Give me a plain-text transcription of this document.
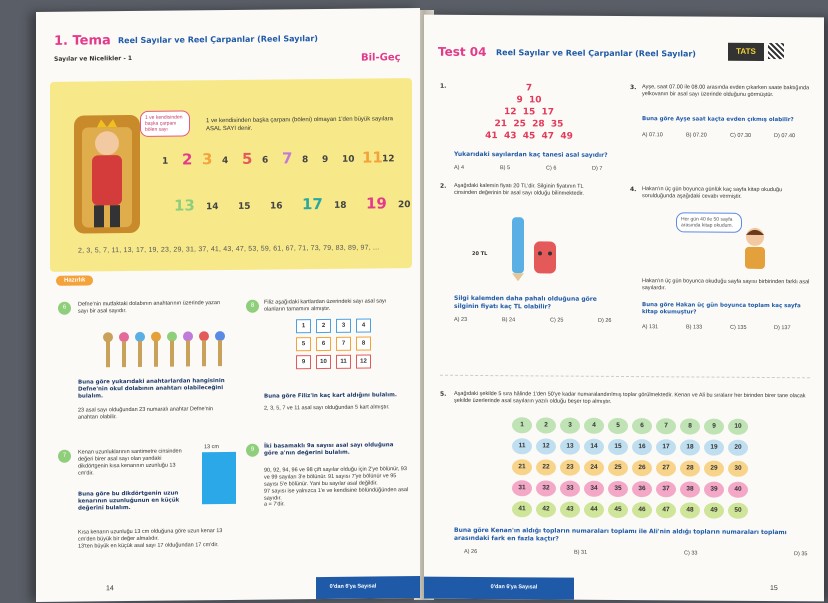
1. Tema Reel Sayılar ve Reel Çarpanlar (Reel Sayılar)
Sayılar ve Nicelikler - 1	Bil-Geç
1 ve kendisinden başka çarpanı bölen sayı
1 ve kendisinden başka çarpanı (böleni) olmayan 1'den büyük sayılara ASAL SAYI denir.
1 2 3 4 5 6 7 8 9 10 11 12
13 14 15 16 17 18 19 20
2, 3, 5, 7, 11, 13, 17, 19, 23, 29, 31, 37, 41, 43, 47, 53, 59, 61, 67, 71, 73, 79, 83, 89, 97, ...
Hazırlık
6
Defne'nin mutfaktaki dolabının anahtarının üzerinde yazan sayı bir asal sayıdır.
Buna göre yukarıdaki anahtarlardan hangisinin Defne'nin okul dolabının anahtarı olabileceğini bulalım.
23 asal sayı olduğundan 23 numaralı anahtar Defne'nin anahtarı olabilir.
7
Kenan uzunluklarının santimetre cinsinden değeri birer asal sayı olan yandaki dikdörtgenin kısa kenarının uzunluğu 13 cm'dir.
13 cm
Buna göre bu dikdörtgenin uzun kenarının uzunluğunun en küçük değerini bulalım.
Kısa kenarın uzunluğu 13 cm olduğuna göre uzun kenar 13 cm'den büyük bir değer almalıdır.
13'ten büyük en küçük asal sayı 17 olduğundan 17 cm'dir.
8
Filiz aşağıdaki kartlardan üzerindeki sayı asal sayı olanların tamamını almıştır.
1	2	3	4
5	6	7	8
9	10	11	12
Buna göre Filiz'in kaç kart aldığını bulalım.
2, 3, 5, 7 ve 11 asal sayı olduğundan 5 kart almıştır.
9
İki basamaklı 9a sayısı asal sayı olduğuna göre a'nın değerini bulalım.
90, 92, 94, 96 ve 98 çift sayılar olduğu için 2'ye bölünür, 93 ve 99 sayıları 3'e bölünür. 91 sayısı 7'ye bölünür ve 95 sayısı 5'e bölünür. Yani bu sayılar asal değildir.
97 sayısı ise yalnızca 1'e ve kendisine bölündüğünden asal sayıdır.
a = 7'dir.
14	0'dan 6'ya Sayısal
Test 04 Reel Sayılar ve Reel Çarpanlar (Reel Sayılar)	TATS
1.	7
9  10
12  15  17
21  25  28  35
41  43  45  47  49
Yukarıdaki sayılardan kaç tanesi asal sayıdır?
A) 4	B) 5	C) 6	D) 7
2. Aşağıdaki kalemin fiyatı 20 TL'dir. Silginin fiyatının TL cinsinden değerinin bir asal sayı olduğu bilinmektedir.
20 TL
Silgi kalemden daha pahalı olduğuna göre silginin fiyatı kaç TL olabilir?
A) 23	B) 24	C) 25	D) 26
3. Ayşe, saat 07.00 ile 08.00 arasında evden çıkarken saate baktığında yelkovanın bir asal sayı üzerinde olduğunu görmüştür.
Buna göre Ayşe saat kaçta evden çıkmış olabilir?
A) 07.10	B) 07.20	C) 07.30	D) 07.40
4. Hakan'ın üç gün boyunca günlük kaç sayfa kitap okuduğu sorulduğunda aşağıdaki cevabı vermiştir.
Her gün 40 ile 50 sayfa arasında kitap okudum.
Hakan'ın üç gün boyunca okuduğu sayfa sayısı birbirinden farklı asal sayılardır.
Buna göre Hakan üç gün boyunca toplam kaç sayfa kitap okumuştur?
A) 131	B) 133	C) 135	D) 137
5. Aşağıdaki şekilde 5 sıra hâlinde 1'den 50'ye kadar numaralandırılmış toplar görülmektedir. Kenan ve Ali bu sıralarır her birinden birer tane olacak şekilde üzerlerinde asal sayıların yazılı olduğu beşer top almıştır.
1	2	3	4	5	6	7	8	9	10
11	12	13	14	15	16	17	18	19	20
21	22	23	24	25	26	27	28	29	30
31	32	33	34	35	36	37	38	39	40
41	42	43	44	45	46	47	48	49	50
Buna göre Kenan'ın aldığı topların numaraları toplamı ile Ali'nin aldığı topların numaraları toplamı arasındaki fark en fazla kaçtır?
A) 26	B) 31	C) 33	D) 35
0'dan 6'ya Sayısal	15
